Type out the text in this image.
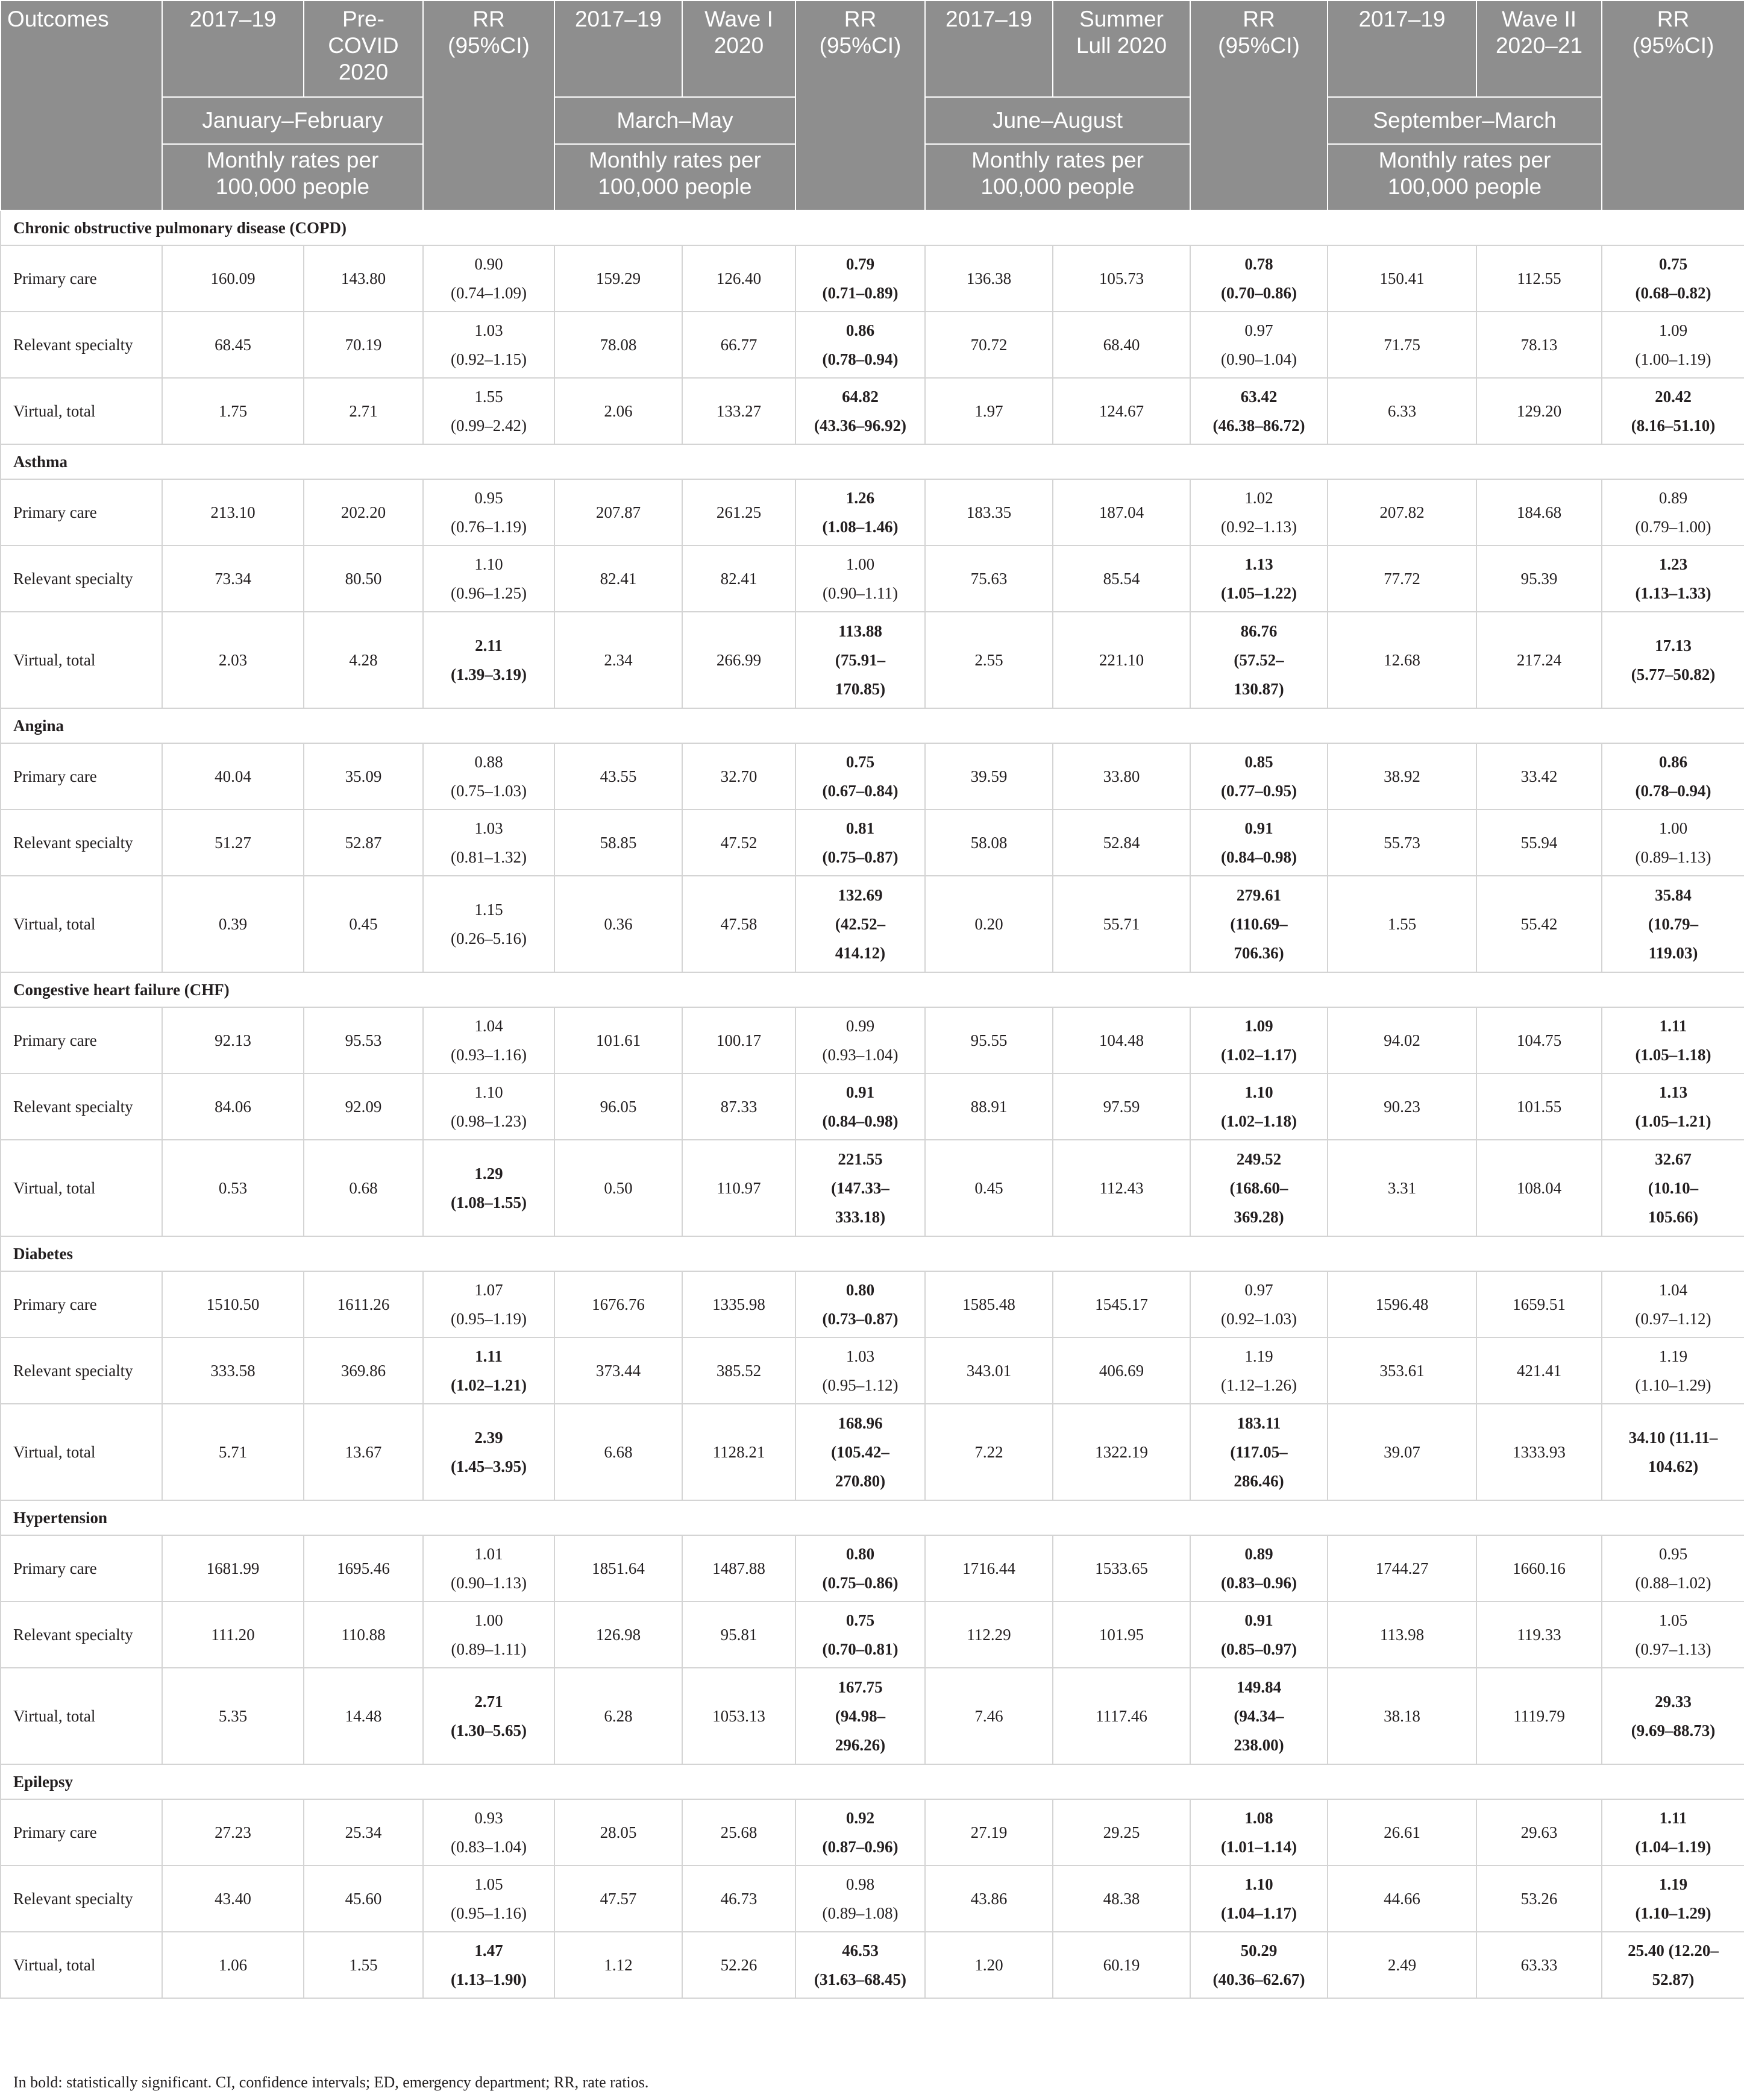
Outcomes	2017–19	Pre-
COVID
2020	RR
(95%CI)	2017–19	Wave I
2020	RR
(95%CI)	2017–19	Summer
Lull 2020	RR
(95%CI)	2017–19	Wave II
2020–21	RR
(95%CI)

	January–February			March–May			June–August			September–March		

	Monthly rates per
100,000 people			Monthly rates per
100,000 people			Monthly rates per
100,000 people			Monthly rates per
100,000 people		

Chronic obstructive pulmonary disease (COPD)												
Primary care	160.09	143.80	0.90
(0.74–1.09)	159.29	126.40	0.79
(0.71–0.89)	136.38	105.73	0.78
(0.70–0.86)	150.41	112.55	0.75
(0.68–0.82)

Relevant specialty	68.45	70.19	1.03
(0.92–1.15)	78.08	66.77	0.86
(0.78–0.94)	70.72	68.40	0.97
(0.90–1.04)	71.75	78.13	1.09
(1.00–1.19)

Virtual, total	1.75	2.71	1.55
(0.99–2.42)	2.06	133.27	64.82
(43.36–96.92)	1.97	124.67	63.42
(46.38–86.72)	6.33	129.20	20.42
(8.16–51.10)

Asthma												
Primary care	213.10	202.20	0.95
(0.76–1.19)	207.87	261.25	1.26
(1.08–1.46)	183.35	187.04	1.02
(0.92–1.13)	207.82	184.68	0.89
(0.79–1.00)

Relevant specialty	73.34	80.50	1.10
(0.96–1.25)	82.41	82.41	1.00
(0.90–1.11)	75.63	85.54	1.13
(1.05–1.22)	77.72	95.39	1.23
(1.13–1.33)

Virtual, total	2.03	4.28	2.11
(1.39–3.19)	2.34	266.99	113.88
(75.91–
170.85)	2.55	221.10	86.76
(57.52–
130.87)	12.68	217.24	17.13
(5.77–50.82)

Angina												
Primary care	40.04	35.09	0.88
(0.75–1.03)	43.55	32.70	0.75
(0.67–0.84)	39.59	33.80	0.85
(0.77–0.95)	38.92	33.42	0.86
(0.78–0.94)

Relevant specialty	51.27	52.87	1.03
(0.81–1.32)	58.85	47.52	0.81
(0.75–0.87)	58.08	52.84	0.91
(0.84–0.98)	55.73	55.94	1.00
(0.89–1.13)

Virtual, total	0.39	0.45	1.15
(0.26–5.16)	0.36	47.58	132.69
(42.52–
414.12)	0.20	55.71	279.61
(110.69–
706.36)	1.55	55.42	35.84
(10.79–
119.03)

Congestive heart failure (CHF)												
Primary care	92.13	95.53	1.04
(0.93–1.16)	101.61	100.17	0.99
(0.93–1.04)	95.55	104.48	1.09
(1.02–1.17)	94.02	104.75	1.11
(1.05–1.18)

Relevant specialty	84.06	92.09	1.10
(0.98–1.23)	96.05	87.33	0.91
(0.84–0.98)	88.91	97.59	1.10
(1.02–1.18)	90.23	101.55	1.13
(1.05–1.21)

Virtual, total	0.53	0.68	1.29
(1.08–1.55)	0.50	110.97	221.55
(147.33–
333.18)	0.45	112.43	249.52
(168.60–
369.28)	3.31	108.04	32.67
(10.10–
105.66)

Diabetes												
Primary care	1510.50	1611.26	1.07
(0.95–1.19)	1676.76	1335.98	0.80
(0.73–0.87)	1585.48	1545.17	0.97
(0.92–1.03)	1596.48	1659.51	1.04
(0.97–1.12)

Relevant specialty	333.58	369.86	1.11
(1.02–1.21)	373.44	385.52	1.03
(0.95–1.12)	343.01	406.69	1.19
(1.12–1.26)	353.61	421.41	1.19
(1.10–1.29)

Virtual, total	5.71	13.67	2.39
(1.45–3.95)	6.68	1128.21	168.96
(105.42–
270.80)	7.22	1322.19	183.11
(117.05–
286.46)	39.07	1333.93	34.10 (11.11–
104.62)

Hypertension												
Primary care	1681.99	1695.46	1.01
(0.90–1.13)	1851.64	1487.88	0.80
(0.75–0.86)	1716.44	1533.65	0.89
(0.83–0.96)	1744.27	1660.16	0.95
(0.88–1.02)

Relevant specialty	111.20	110.88	1.00
(0.89–1.11)	126.98	95.81	0.75
(0.70–0.81)	112.29	101.95	0.91
(0.85–0.97)	113.98	119.33	1.05
(0.97–1.13)

Virtual, total	5.35	14.48	2.71
(1.30–5.65)	6.28	1053.13	167.75
(94.98–
296.26)	7.46	1117.46	149.84
(94.34–
238.00)	38.18	1119.79	29.33
(9.69–88.73)

Epilepsy												
Primary care	27.23	25.34	0.93
(0.83–1.04)	28.05	25.68	0.92
(0.87–0.96)	27.19	29.25	1.08
(1.01–1.14)	26.61	29.63	1.11
(1.04–1.19)

Relevant specialty	43.40	45.60	1.05
(0.95–1.16)	47.57	46.73	0.98
(0.89–1.08)	43.86	48.38	1.10
(1.04–1.17)	44.66	53.26	1.19
(1.10–1.29)

Virtual, total	1.06	1.55	1.47
(1.13–1.90)	1.12	52.26	46.53
(31.63–68.45)	1.20	60.19	50.29
(40.36–62.67)	2.49	63.33	25.40 (12.20–
52.87)
In bold: statistically significant. CI, confidence intervals; ED, emergency department; RR, rate ratios.
